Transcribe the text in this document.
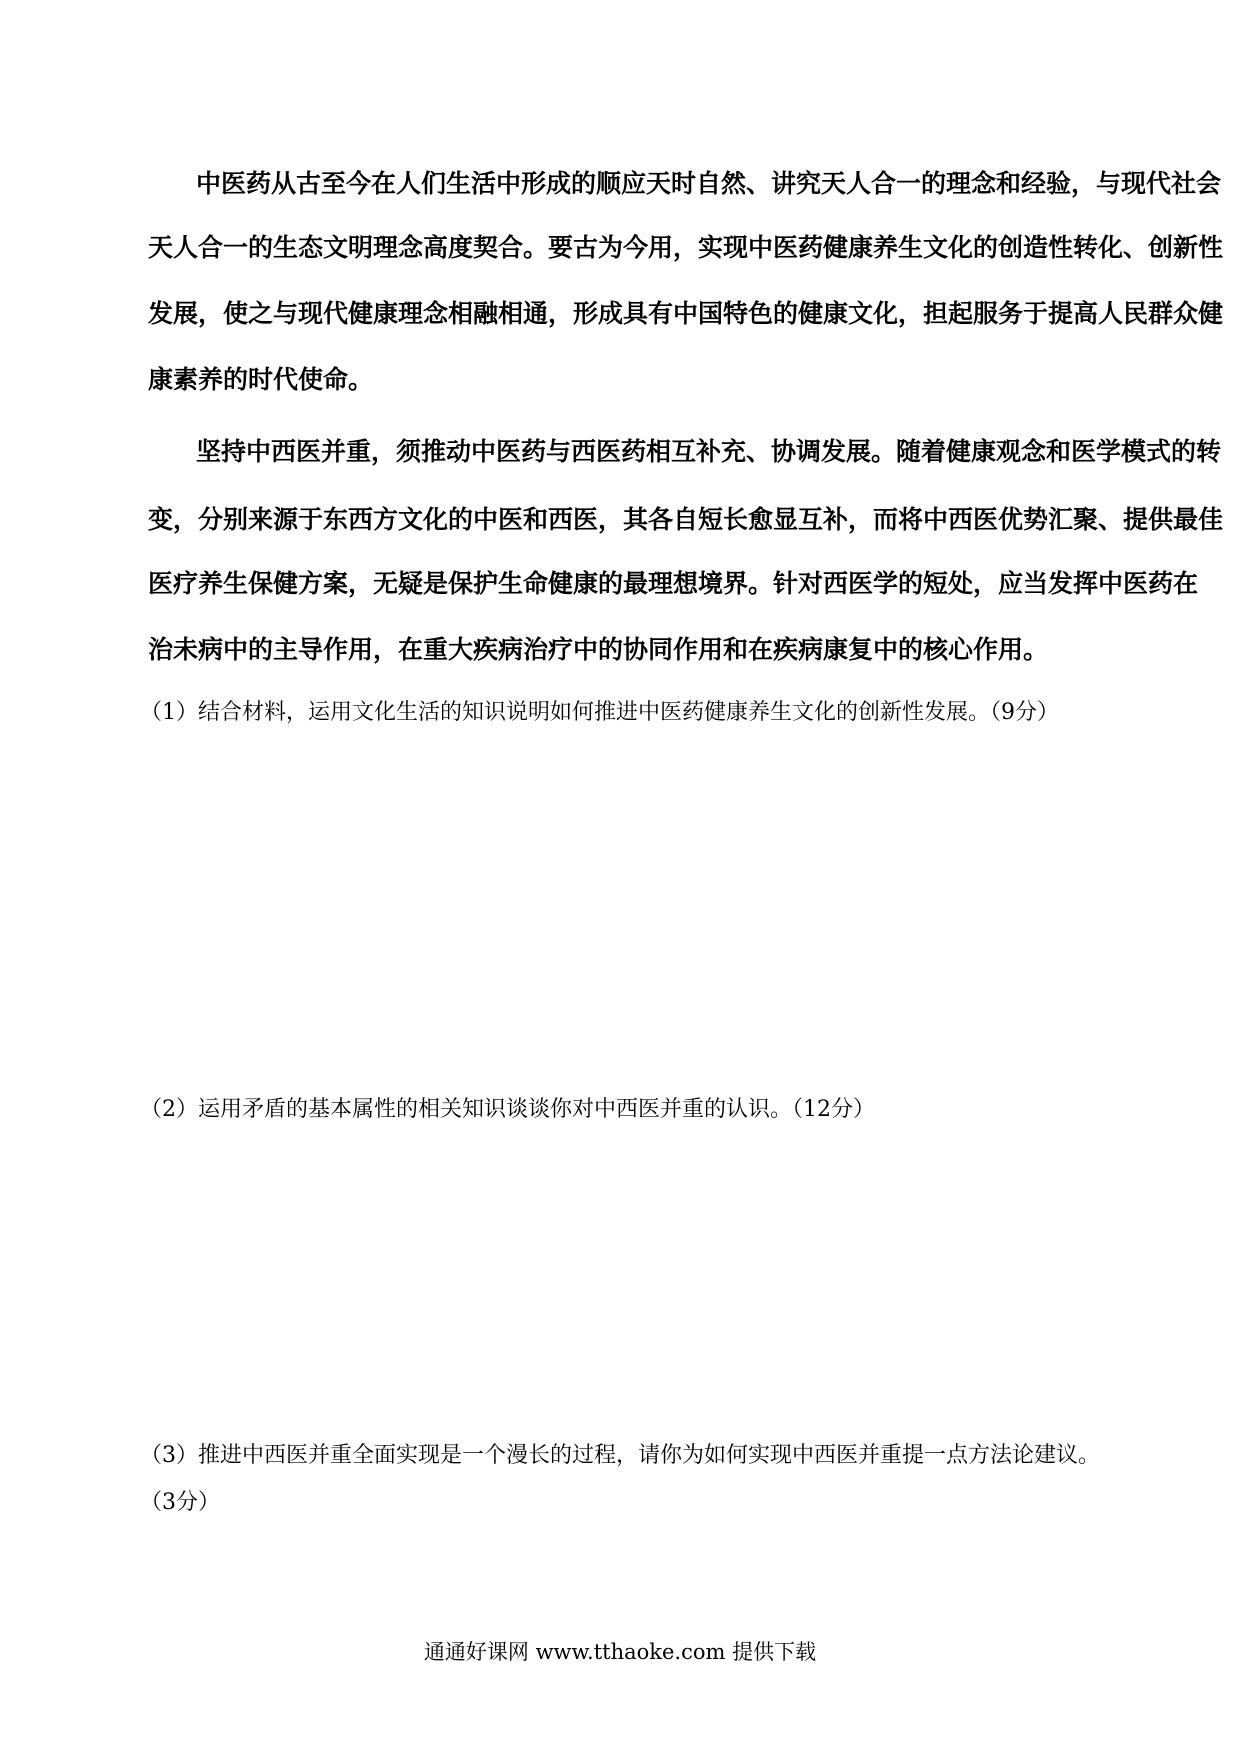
中医药从古至今在人们生活中形成的顺应天时自然、讲究天人合一的理念和经验，与现代社会
天人合一的生态文明理念高度契合。要古为今用，实现中医药健康养生文化的创造性转化、创新性
发展，使之与现代健康理念相融相通，形成具有中国特色的健康文化，担起服务于提高人民群众健
康素养的时代使命。
坚持中西医并重，须推动中医药与西医药相互补充、协调发展。随着健康观念和医学模式的转
变，分别来源于东西方文化的中医和西医，其各自短长愈显互补，而将中西医优势汇聚、提供最佳
医疗养生保健方案，无疑是保护生命健康的最理想境界。针对西医学的短处，应当发挥中医药在
治未病中的主导作用，在重大疾病治疗中的协同作用和在疾病康复中的核心作用。
（1）结合材料，运用文化生活的知识说明如何推进中医药健康养生文化的创新性发展。（9分）
（2）运用矛盾的基本属性的相关知识谈谈你对中西医并重的认识。（12分）
（3）推进中西医并重全面实现是一个漫长的过程，请你为如何实现中西医并重提一点方法论建议。
（3分）
通通好课网 www.tthaoke.com 提供下载
